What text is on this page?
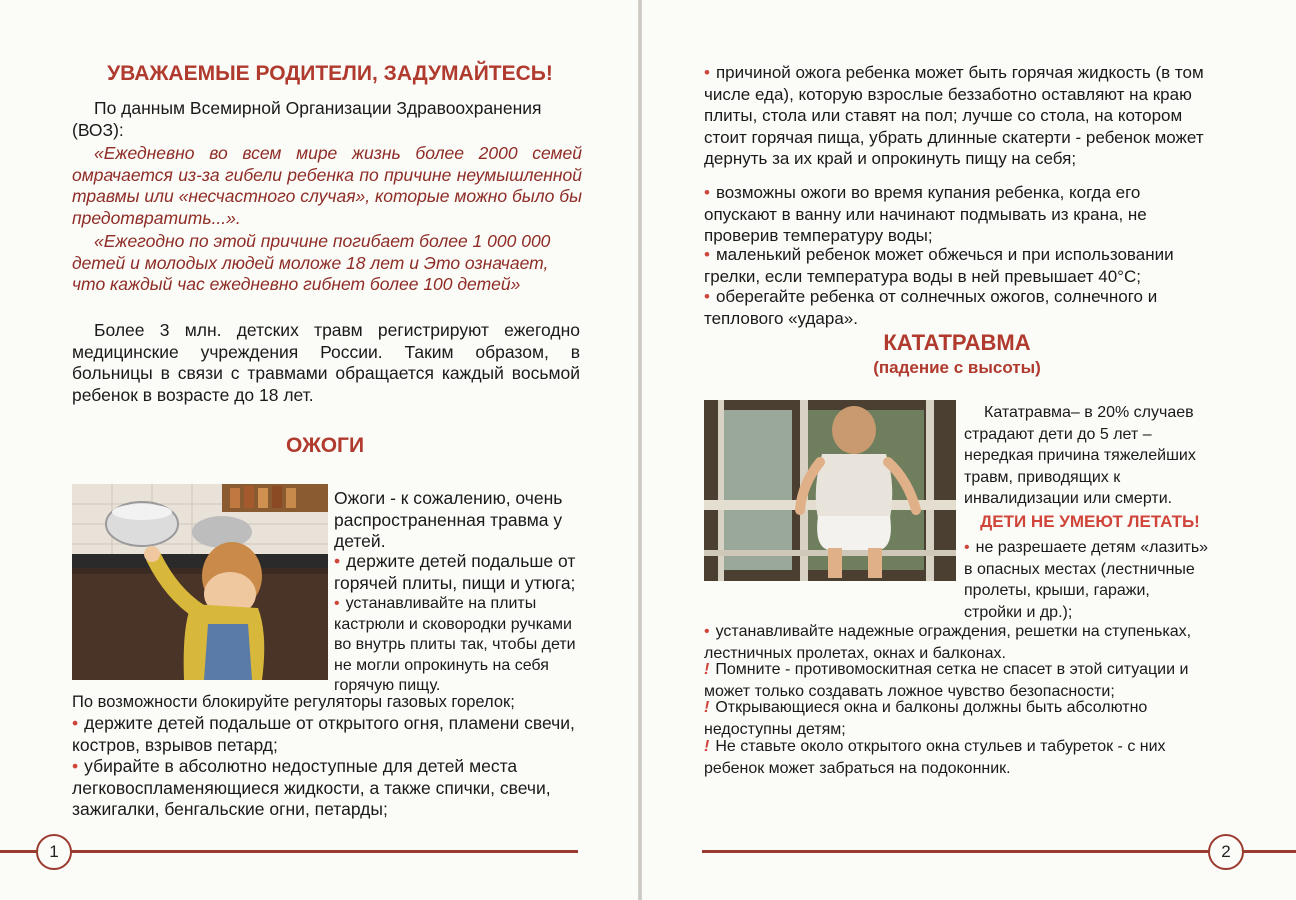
УВАЖАЕМЫЕ РОДИТЕЛИ, ЗАДУМАЙТЕСЬ!
По данным Всемирной Организации Здравоохранения (ВОЗ):
«Ежедневно во всем мире жизнь более 2000 семей омрачается из-за гибели ребенка по причине неумышленной травмы или «несчастного случая», которые можно было бы предотвратить...».
«Ежегодно по этой причине погибает более 1 000 000 детей и молодых людей моложе 18 лет и Это означает, что каждый час ежедневно гибнет более 100 детей»
Более 3 млн. детских травм регистрируют ежегодно медицинские учреждения России. Таким образом, в больницы в связи с травмами обращается каждый восьмой ребенок в возрасте до 18 лет.
ОЖОГИ
Ожоги - к сожалению, очень распространенная травма у детей.
• держите детей подальше от горячей плиты, пищи и утюга;
• устанавливайте на плиты кастрюли и сковородки ручками во внутрь плиты так, чтобы дети не могли опрокинуть на себя горячую пищу.
По возможности блокируйте регуляторы газовых горелок;
• держите детей подальше от открытого огня, пламени свечи, костров, взрывов петард;
• убирайте в абсолютно недоступные для детей места легковоспламеняющиеся жидкости, а также спички, свечи, зажигалки, бенгальские огни, петарды;
1
• причиной ожога ребенка может быть горячая жидкость (в том числе еда), которую взрослые беззаботно оставляют на краю плиты, стола или ставят на пол; лучше со стола, на котором стоит горячая пища, убрать длинные скатерти - ребенок может дернуть за их край и опрокинуть пищу на себя;
• возможны ожоги во время купания ребенка, когда его опускают в ванну или начинают подмывать из крана, не проверив температуру воды;
• маленький ребенок может обжечься и при использовании грелки, если температура воды в ней превышает 40°С;
• оберегайте ребенка от солнечных ожогов, солнечного и теплового «удара».
КАТАТРАВМА
(падение с высоты)
Кататравма– в 20% случаев страдают дети до 5 лет – нередкая причина тяжелейших травм, приводящих к инвалидизации или смерти.
ДЕТИ НЕ УМЕЮТ ЛЕТАТЬ!
• не разрешаете детям «лазить» в опасных местах (лестничные пролеты, крыши, гаражи, стройки и др.);
• устанавливайте надежные ограждения, решетки на ступеньках, лестничных пролетах, окнах и балконах.
! Помните - противомоскитная сетка не спасет в этой ситуации и может только создавать ложное чувство безопасности;
! Открывающиеся окна и балконы должны быть абсолютно недоступны детям;
! Не ставьте около открытого окна стульев и табуреток - с них ребенок может забраться на подоконник.
2
